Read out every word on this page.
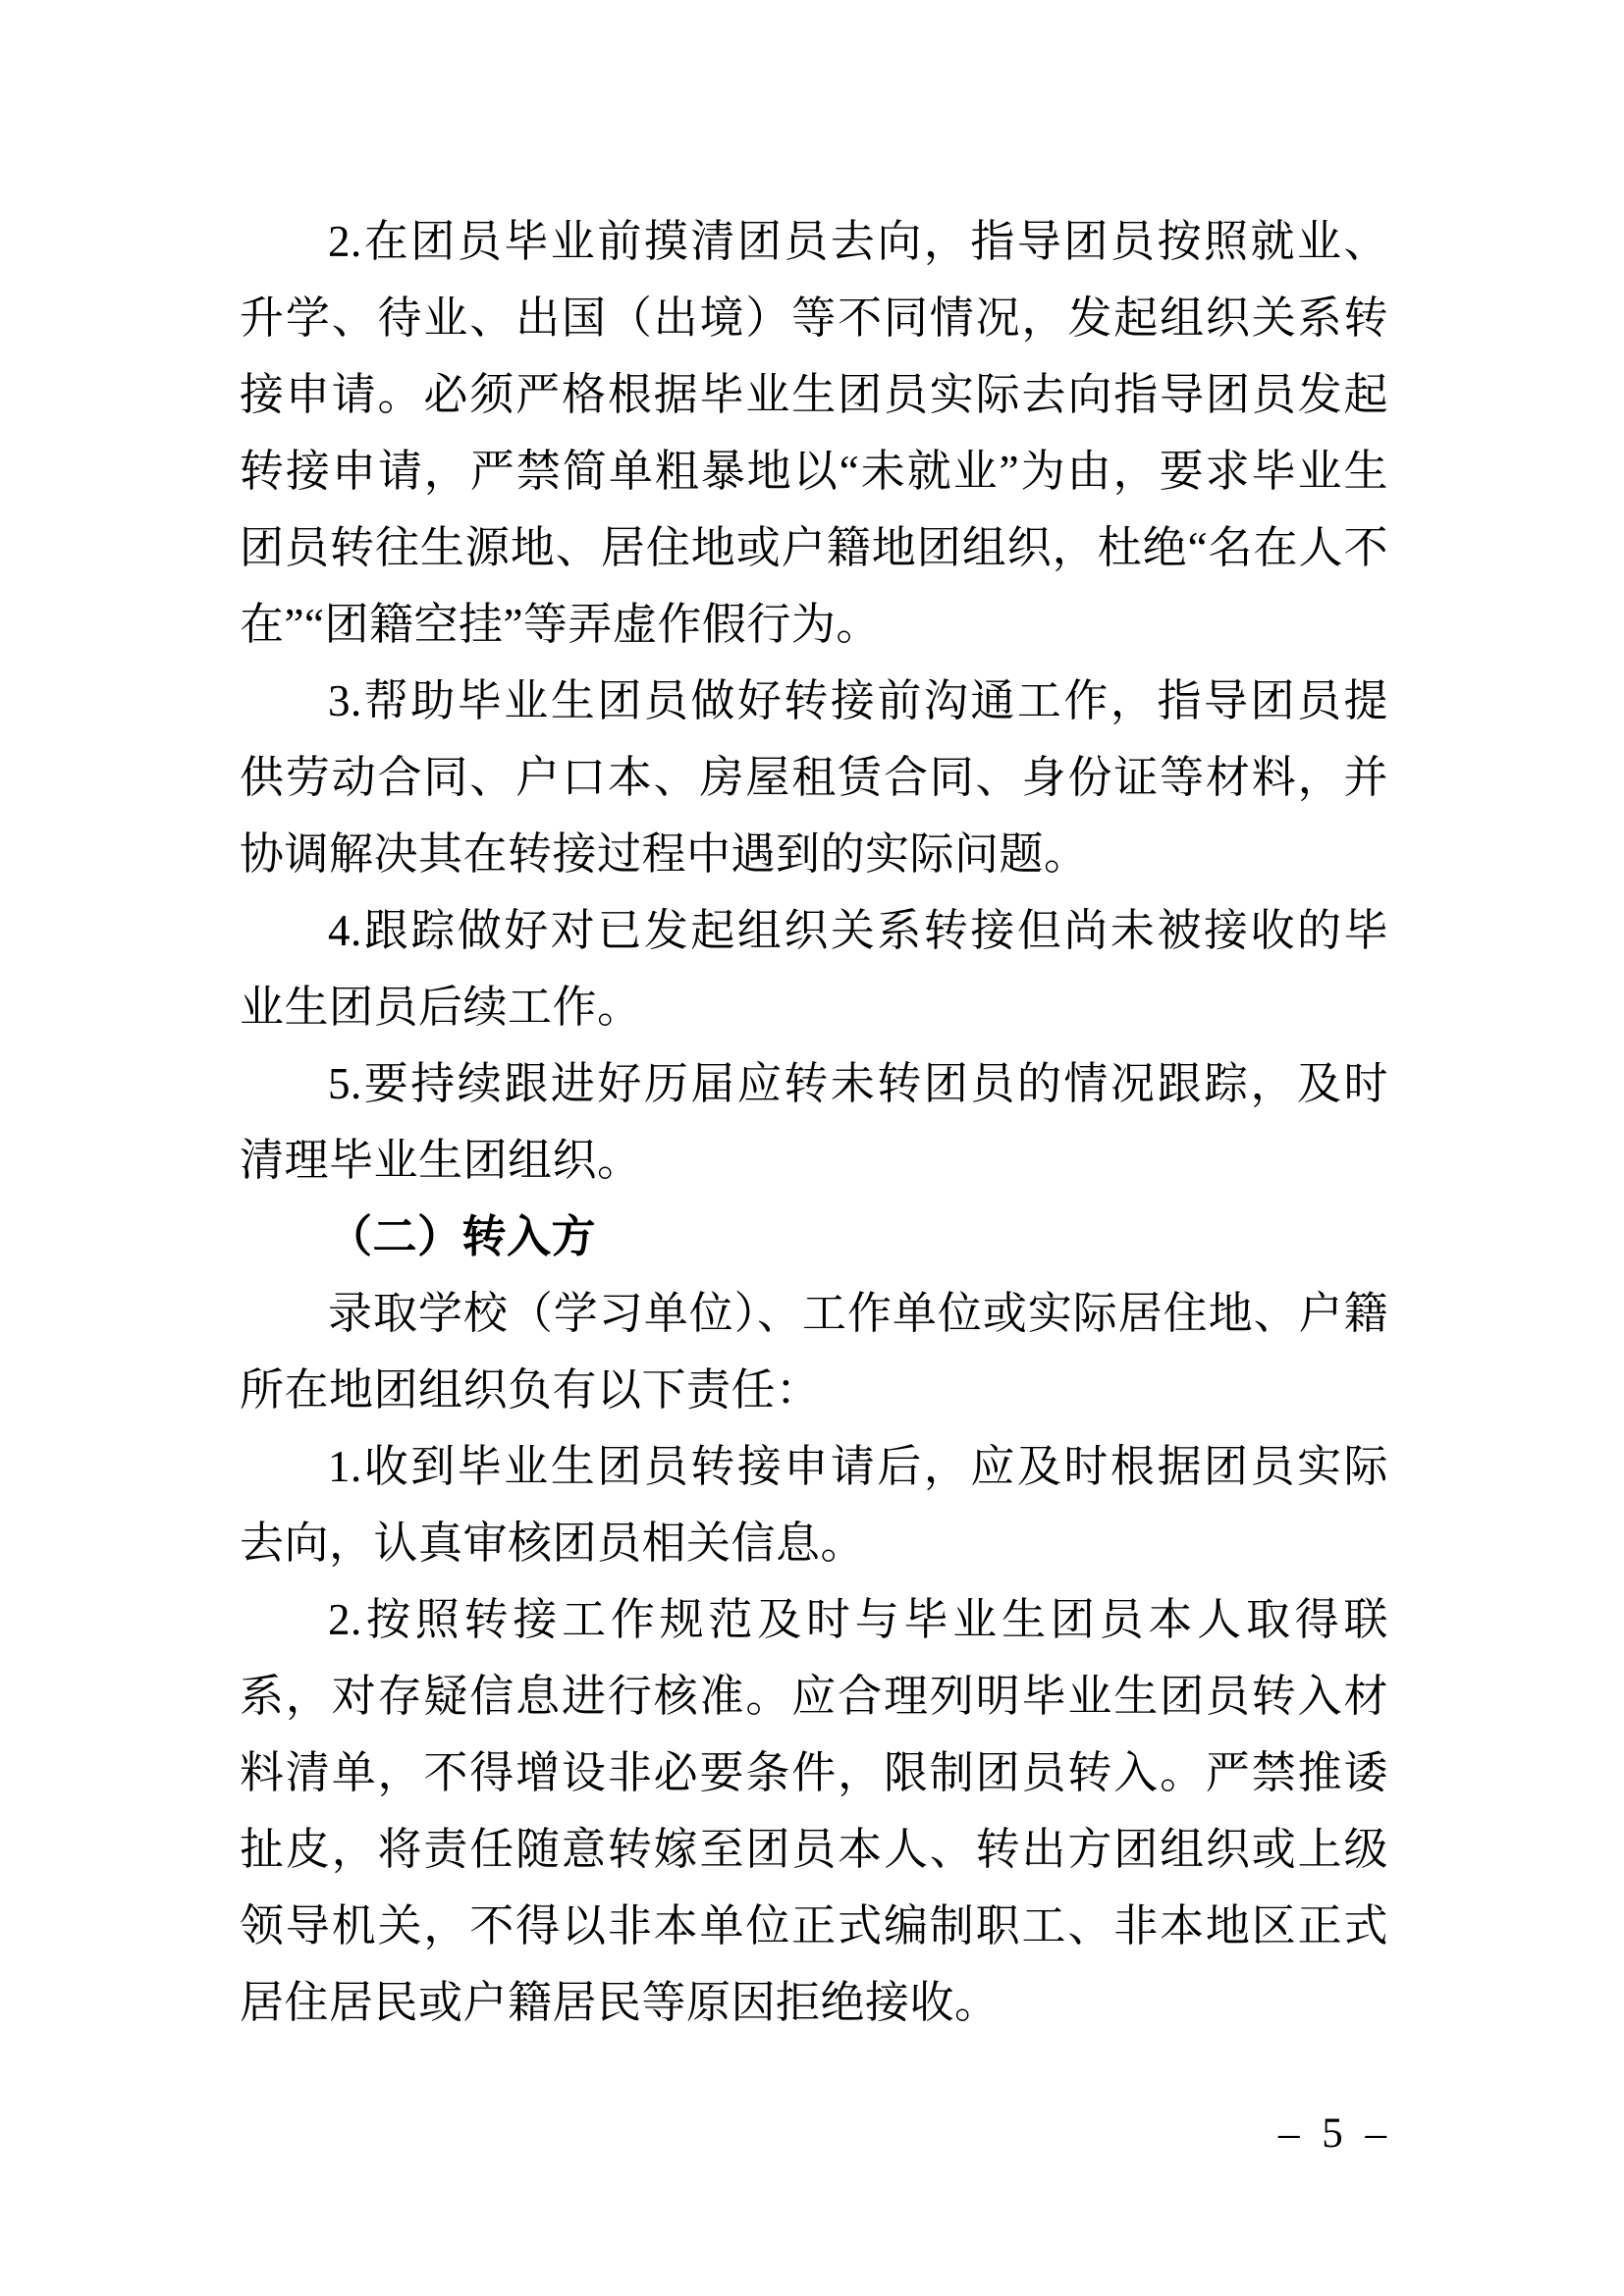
2.在团员毕业前摸清团员去向，指导团员按照就业、升学、待业、出国（出境）等不同情况，发起组织关系转接申请。必须严格根据毕业生团员实际去向指导团员发起转接申请，严禁简单粗暴地以“未就业”为由，要求毕业生团员转往生源地、居住地或户籍地团组织，杜绝“名在人不在”“团籍空挂”等弄虚作假行为。
3.帮助毕业生团员做好转接前沟通工作，指导团员提供劳动合同、户口本、房屋租赁合同、身份证等材料，并协调解决其在转接过程中遇到的实际问题。
4.跟踪做好对已发起组织关系转接但尚未被接收的毕业生团员后续工作。
5.要持续跟进好历届应转未转团员的情况跟踪，及时清理毕业生团组织。
（二）转入方
录取学校（学习单位）、工作单位或实际居住地、户籍所在地团组织负有以下责任：
1.收到毕业生团员转接申请后，应及时根据团员实际去向，认真审核团员相关信息。
2.按照转接工作规范及时与毕业生团员本人取得联系，对存疑信息进行核准。应合理列明毕业生团员转入材料清单，不得增设非必要条件，限制团员转入。严禁推诿扯皮，将责任随意转嫁至团员本人、转出方团组织或上级领导机关，不得以非本单位正式编制职工、非本地区正式居住居民或户籍居民等原因拒绝接收。
– 5 –
